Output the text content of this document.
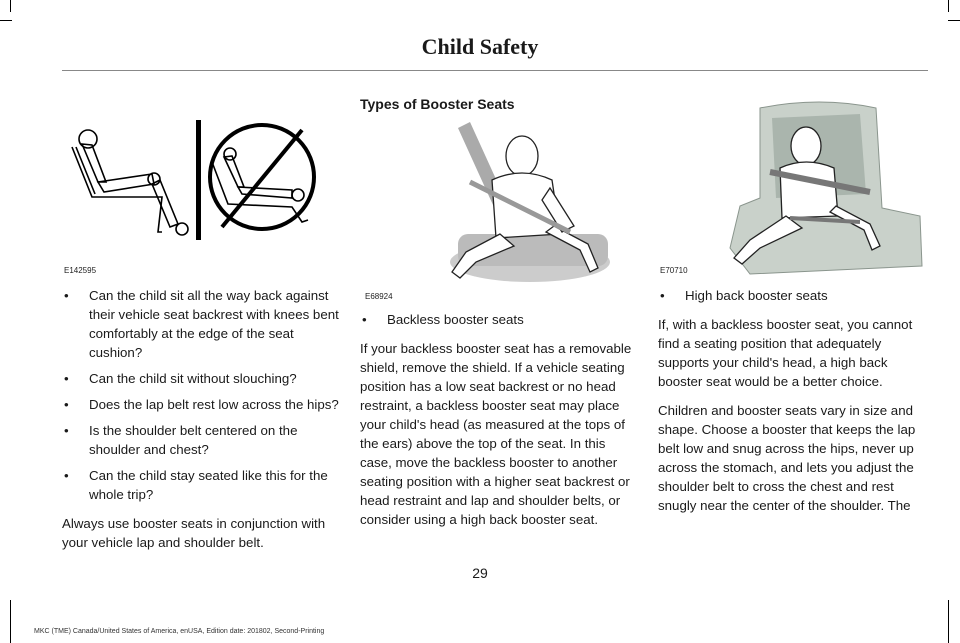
Child Safety
E142595
• Can the child sit all the way back against their vehicle seat backrest with knees bent comfortably at the edge of the seat cushion?
• Can the child sit without slouching?
• Does the lap belt rest low across the hips?
• Is the shoulder belt centered on the shoulder and chest?
• Can the child stay seated like this for the whole trip?

Always use booster seats in conjunction with your vehicle lap and shoulder belt.

Types of Booster Seats
E68924
• Backless booster seats

If your backless booster seat has a removable shield, remove the shield. If a vehicle seating position has a low seat backrest or no head restraint, a backless booster seat may place your child's head (as measured at the tops of the ears) above the top of the seat. In this case, move the backless booster to another seating position with a higher seat backrest or head restraint and lap and shoulder belts, or consider using a high back booster seat.

E70710
• High back booster seats

If, with a backless booster seat, you cannot find a seating position that adequately supports your child's head, a high back booster seat would be a better choice.

Children and booster seats vary in size and shape. Choose a booster that keeps the lap belt low and snug across the hips, never up across the stomach, and lets you adjust the shoulder belt to cross the chest and rest snugly near the center of the shoulder. The

29
MKC (TME) Canada/United States of America, enUSA, Edition date: 201802, Second-Printing
